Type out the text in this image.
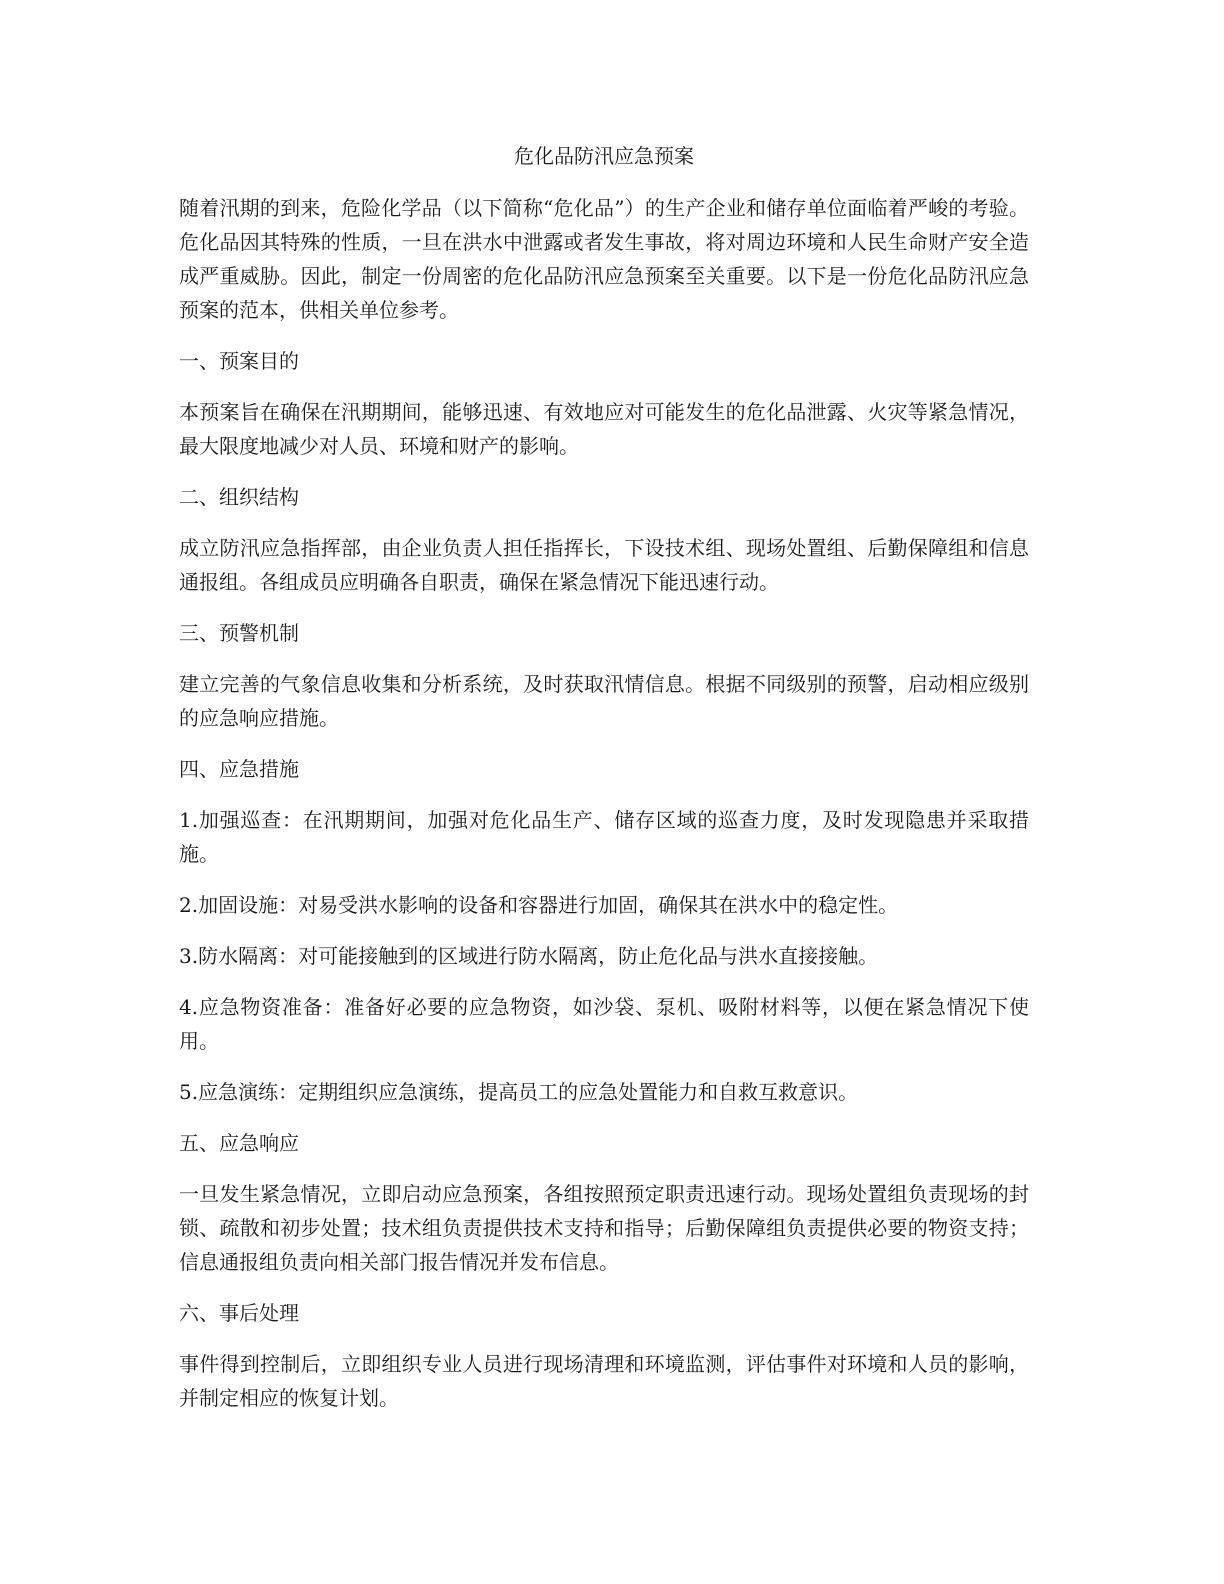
危化品防汛应急预案

随着汛期的到来，危险化学品（以下简称“危化品”）的生产企业和储存单位面临着严峻的考验。危化品因其特殊的性质，一旦在洪水中泄露或者发生事故，将对周边环境和人民生命财产安全造成严重威胁。因此，制定一份周密的危化品防汛应急预案至关重要。以下是一份危化品防汛应急预案的范本，供相关单位参考。

一、预案目的

本预案旨在确保在汛期期间，能够迅速、有效地应对可能发生的危化品泄露、火灾等紧急情况，最大限度地减少对人员、环境和财产的影响。

二、组织结构

成立防汛应急指挥部，由企业负责人担任指挥长，下设技术组、现场处置组、后勤保障组和信息通报组。各组成员应明确各自职责，确保在紧急情况下能迅速行动。

三、预警机制

建立完善的气象信息收集和分析系统，及时获取汛情信息。根据不同级别的预警，启动相应级别的应急响应措施。

四、应急措施

1.加强巡查：在汛期期间，加强对危化品生产、储存区域的巡查力度，及时发现隐患并采取措施。

2.加固设施：对易受洪水影响的设备和容器进行加固，确保其在洪水中的稳定性。

3.防水隔离：对可能接触到的区域进行防水隔离，防止危化品与洪水直接接触。

4.应急物资准备：准备好必要的应急物资，如沙袋、泵机、吸附材料等，以便在紧急情况下使用。

5.应急演练：定期组织应急演练，提高员工的应急处置能力和自救互救意识。

五、应急响应

一旦发生紧急情况，立即启动应急预案，各组按照预定职责迅速行动。现场处置组负责现场的封锁、疏散和初步处置；技术组负责提供技术支持和指导；后勤保障组负责提供必要的物资支持；信息通报组负责向相关部门报告情况并发布信息。

六、事后处理

事件得到控制后，立即组织专业人员进行现场清理和环境监测，评估事件对环境和人员的影响，并制定相应的恢复计划。
